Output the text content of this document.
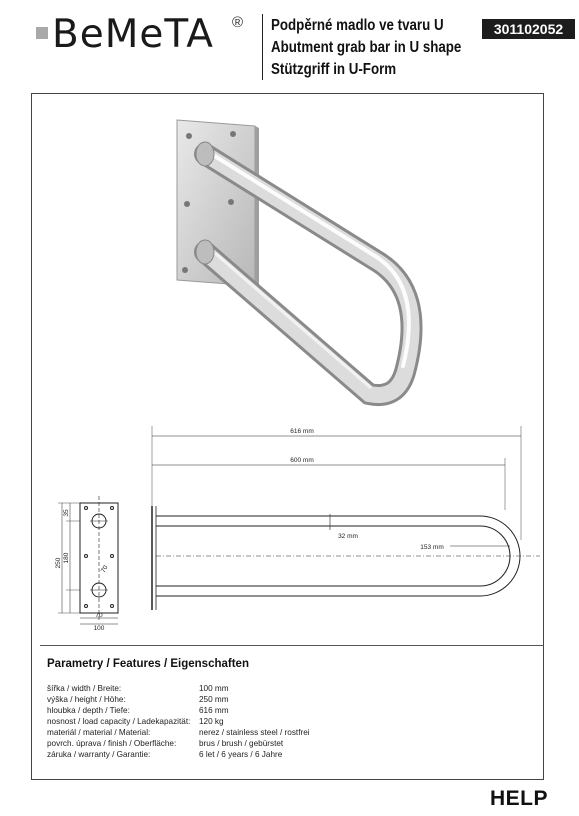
BeMeTA ® Podpěrné madlo ve tvaru U
Abutment grab bar in U shape
Stützgriff in U-Form
301102052
250 180
35
70
100
70
616 mm
600 mm
32 mm
153 mm
Parametry / Features / Eigenschaften
šířka / width / Breite:	100 mm
výška / height / Höhe:	250 mm
hloubka / depth / Tiefe:	616 mm
nosnost / load capacity / Ladekapazität: 120 kg
materiál / material / Material:	nerez / stainless steel / rostfrei
povrch. úprava / finish / Oberfläche:	brus / brush / gebürstet
záruka / warranty / Garantie:	6 let / 6 years / 6 Jahre
HELP
